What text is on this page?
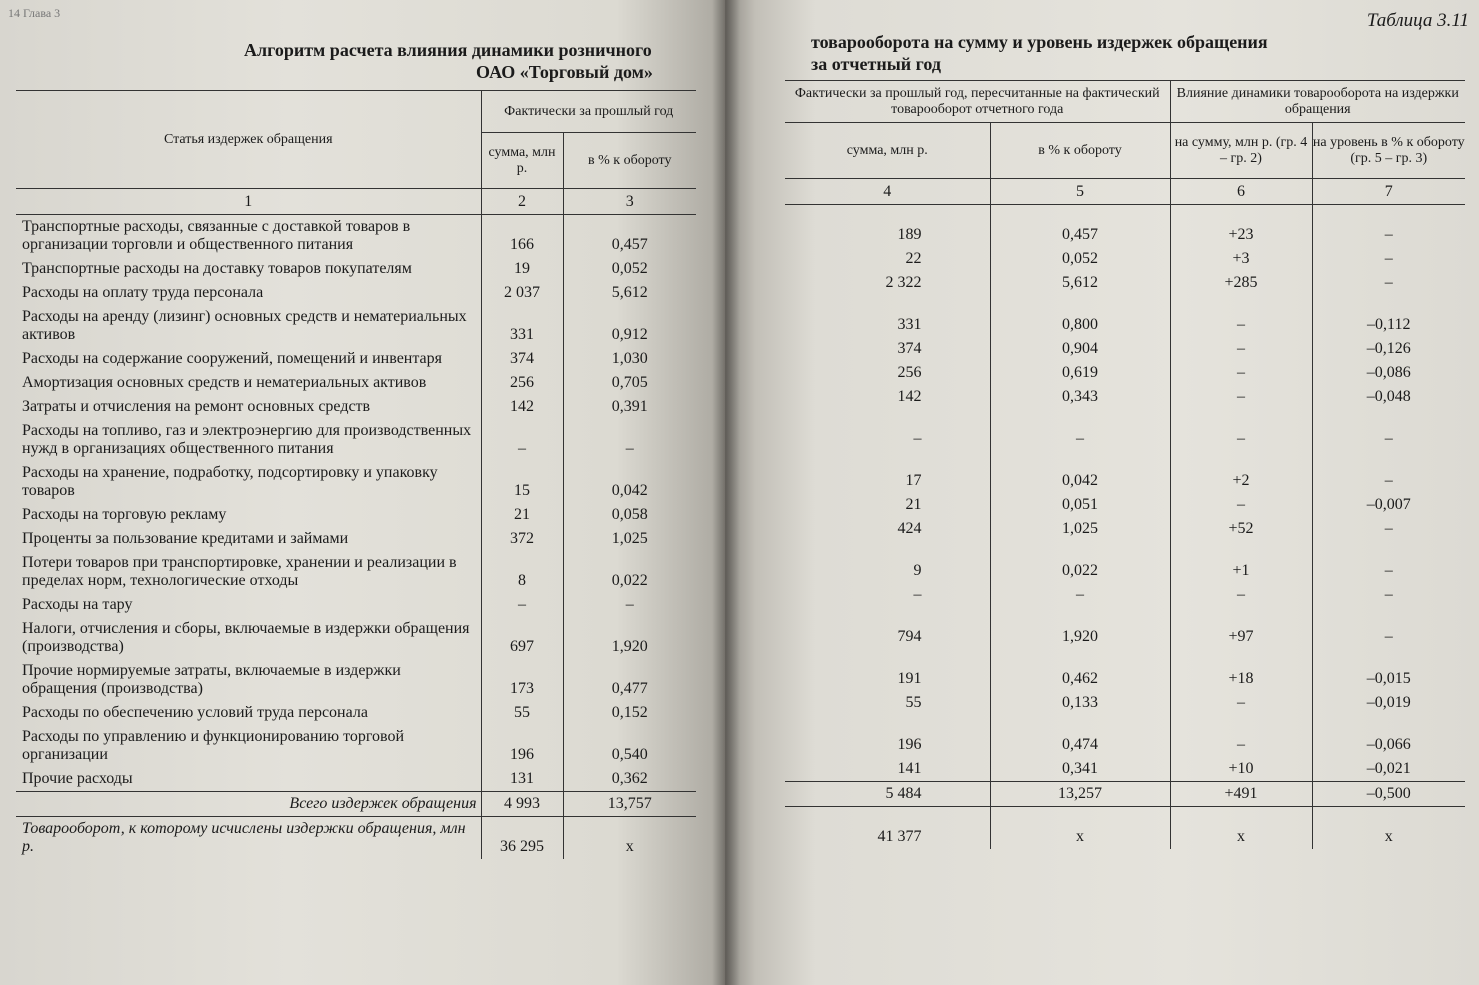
14 Глава 3
Алгоритм расчета влияния динамики розничного
ОАО «Торговый дом»
Статья издержек обращения	Фактически за прошлый год	
	сумма, млн р.	в % к обороту
1	2	3
Транспортные расходы, связанные с доставкой товаров в организации торговли и общественного питания	166	0,457
Транспортные расходы на доставку товаров покупателям	19	0,052
Расходы на оплату труда персонала	2 037	5,612
Расходы на аренду (лизинг) основных средств и нематериальных активов	331	0,912
Расходы на содержание сооружений, помещений и инвентаря	374	1,030
Амортизация основных средств и нематериальных активов	256	0,705
Затраты и отчисления на ремонт основных средств	142	0,391
Расходы на топливо, газ и электроэнергию для производственных нужд в организациях общественного питания	–	–
Расходы на хранение, подработку, подсортировку и упаковку товаров	15	0,042
Расходы на торговую рекламу	21	0,058
Проценты за пользование кредитами и займами	372	1,025
Потери товаров при транспортировке, хранении и реализации в пределах норм, технологические отходы	8	0,022
Расходы на тару	–	–
Налоги, отчисления и сборы, включаемые в издержки обращения (производства)	697	1,920
Прочие нормируемые затраты, включаемые в издержки обращения (производства)	173	0,477
Расходы по обеспечению условий труда персонала	55	0,152
Расходы по управлению и функционированию торговой организации	196	0,540
Прочие расходы	131	0,362
Всего издержек обращения	4 993	13,757
Товарооборот, к которому исчислены издержки обращения, млн р.	36 295	x
Таблица 3.11
товарооборота на сумму и уровень издержек обращения
за отчетный год
Фактически за прошлый год, пересчитанные на фактический товарооборот отчетного года		Влияние динамики товарооборота на издержки обращения	
сумма, млн р.	в % к обороту	на сумму, млн р. (гр. 4 – гр. 2)	на уровень в % к обороту (гр. 5 – гр. 3)
4	5	6	7
189	0,457	+23	–
22	0,052	+3	–
2 322	5,612	+285	–
331	0,800	–	–0,112
374	0,904	–	–0,126
256	0,619	–	–0,086
142	0,343	–	–0,048
–	–	–	–
17	0,042	+2	–
21	0,051	–	–0,007
424	1,025	+52	–
9	0,022	+1	–
–	–	–	–
794	1,920	+97	–
191	0,462	+18	–0,015
55	0,133	–	–0,019
196	0,474	–	–0,066
141	0,341	+10	–0,021
5 484	13,257	+491	–0,500
41 377	x	x	x
